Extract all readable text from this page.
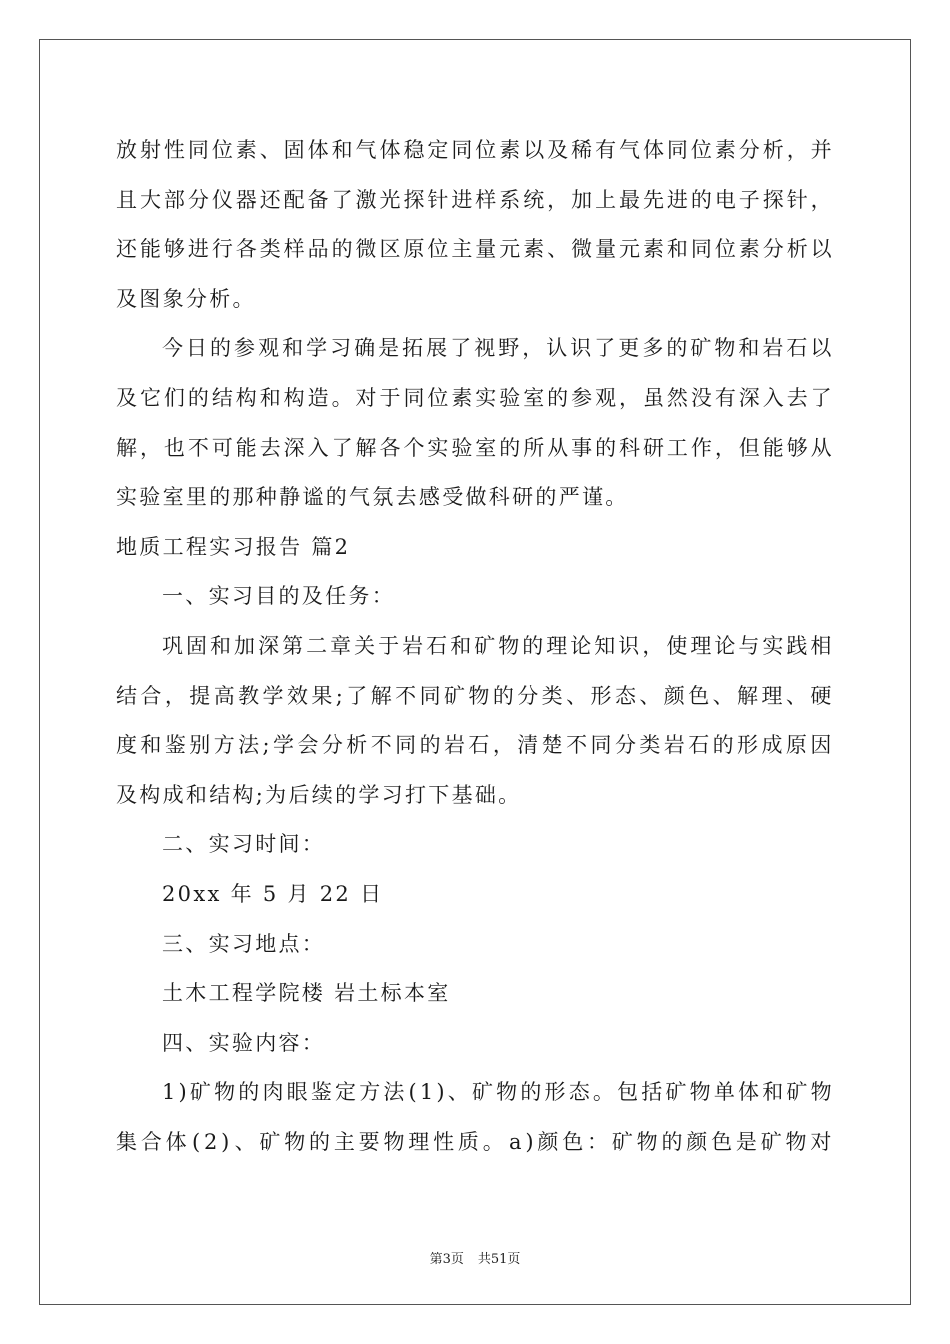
放 射 性 同 位 素 、 固 体 和 气 体 稳 定 同 位 素 以 及 稀 有 气 体 同 位 素 分 析 ， 并
且 大 部 分 仪 器 还 配 备 了 激 光 探 针 进 样 系 统 ， 加 上 最 先 进 的 电 子 探 针 ，
还 能 够 进 行 各 类 样 品 的 微 区 原 位 主 量 元 素 、 微 量 元 素 和 同 位 素 分 析 以
及图象分析。
今 日 的 参 观 和 学 习 确 是 拓 展 了 视 野 ， 认 识 了 更 多 的 矿 物 和 岩 石 以
及 它 们 的 结 构 和 构 造 。 对 于 同 位 素 实 验 室 的 参 观 ， 虽 然 没 有 深 入 去 了
解 ， 也 不 可 能 去 深 入 了 解 各 个 实 验 室 的 所 从 事 的 科 研 工 作 ， 但 能 够 从
实验室里的那种静谧的气氛去感受做科研的严谨。
地质工程实习报告 篇2
一、实习目的及任务：
巩 固 和 加 深 第 二 章 关 于 岩 石 和 矿 物 的 理 论 知 识 ， 使 理 论 与 实 践 相
结 合 ， 提 高 教 学 效 果 ; 了 解 不 同 矿 物 的 分 类 、 形 态 、 颜 色 、 解 理 、 硬
度 和 鉴 别 方 法 ; 学 会 分 析 不 同 的 岩 石 ， 清 楚 不 同 分 类 岩 石 的 形 成 原 因
及构成和结构;为后续的学习打下基础。
二、实习时间：
20xx 年 5 月 22 日
三、实习地点：
土木工程学院楼 岩土标本室
四、实验内容：
1 ) 矿 物 的 肉 眼 鉴 定 方 法 ( 1 ) 、 矿 物 的 形 态 。 包 括 矿 物 单 体 和 矿 物
集 合 体 ( 2 ) 、 矿 物 的 主 要 物 理 性 质 。 a ) 颜 色 ： 矿 物 的 颜 色 是 矿 物 对
第3页 共51页
